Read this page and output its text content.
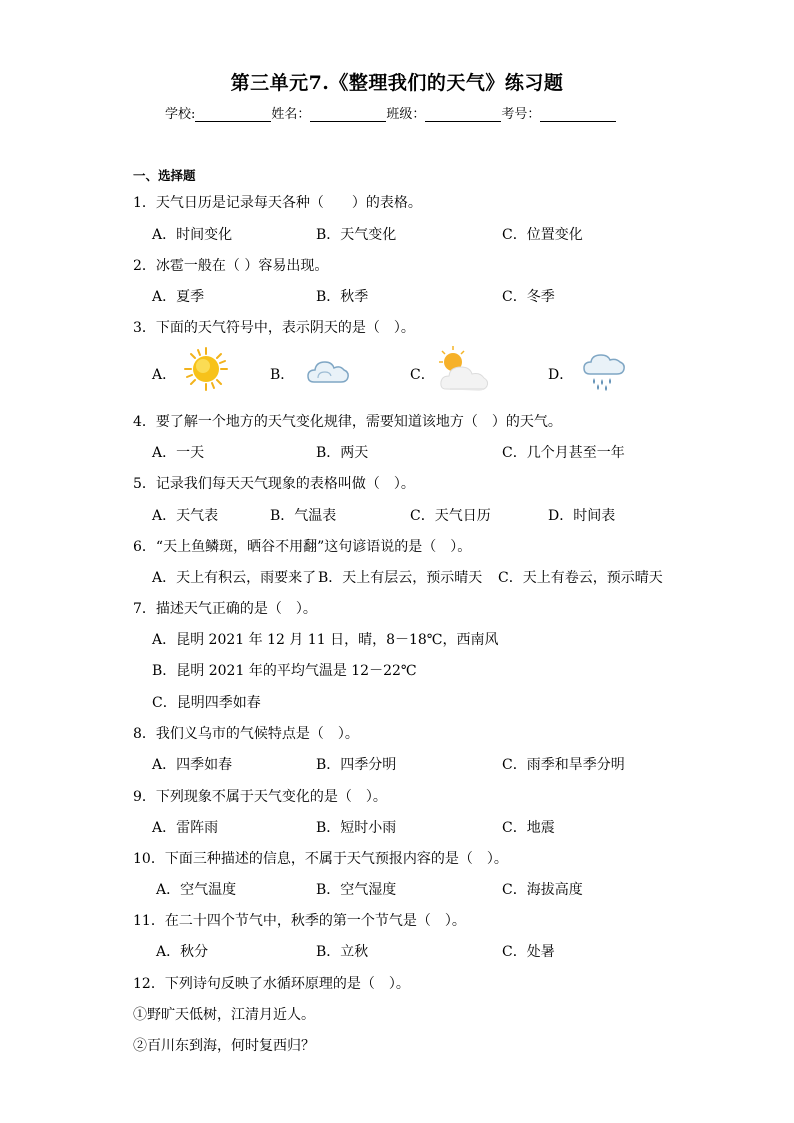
第三单元7.《整理我们的天气》练习题
学校:	姓名：	班级：	考号：
一、选择题
1．天气日历是记录每天各种（　　）的表格。
A．时间变化	B．天气变化	C．位置变化
2．冰雹一般在（ ）容易出现。
A．夏季	B．秋季	C．冬季
3．下面的天气符号中，表示阴天的是（　）。
A．	B．	C．	D．
4．要了解一个地方的天气变化规律，需要知道该地方（　）的天气。
A．一天	B．两天	C．几个月甚至一年
5．记录我们每天天气现象的表格叫做（　）。
A．天气表	B．气温表	C．天气日历	D．时间表
6．“天上鱼鳞斑，晒谷不用翻”这句谚语说的是（　）。
A．天上有积云，雨要来了 B．天上有层云，预示晴天 C．天上有卷云，预示晴天
7．描述天气正确的是（　）。
A．昆明 2021 年 12 月 11 日，晴，8－18℃，西南风
B．昆明 2021 年的平均气温是 12－22℃
C．昆明四季如春
8．我们义乌市的气候特点是（　）。
A．四季如春	B．四季分明	C．雨季和旱季分明
9．下列现象不属于天气变化的是（　）。
A．雷阵雨	B．短时小雨	C．地震
10．下面三种描述的信息，不属于天气预报内容的是（　）。
A．空气温度	B．空气湿度	C．海拔高度
11．在二十四个节气中，秋季的第一个节气是（　）。
A．秋分	B．立秋	C．处暑
12．下列诗句反映了水循环原理的是（　）。
①野旷天低树，江清月近人。
②百川东到海，何时复西归？
